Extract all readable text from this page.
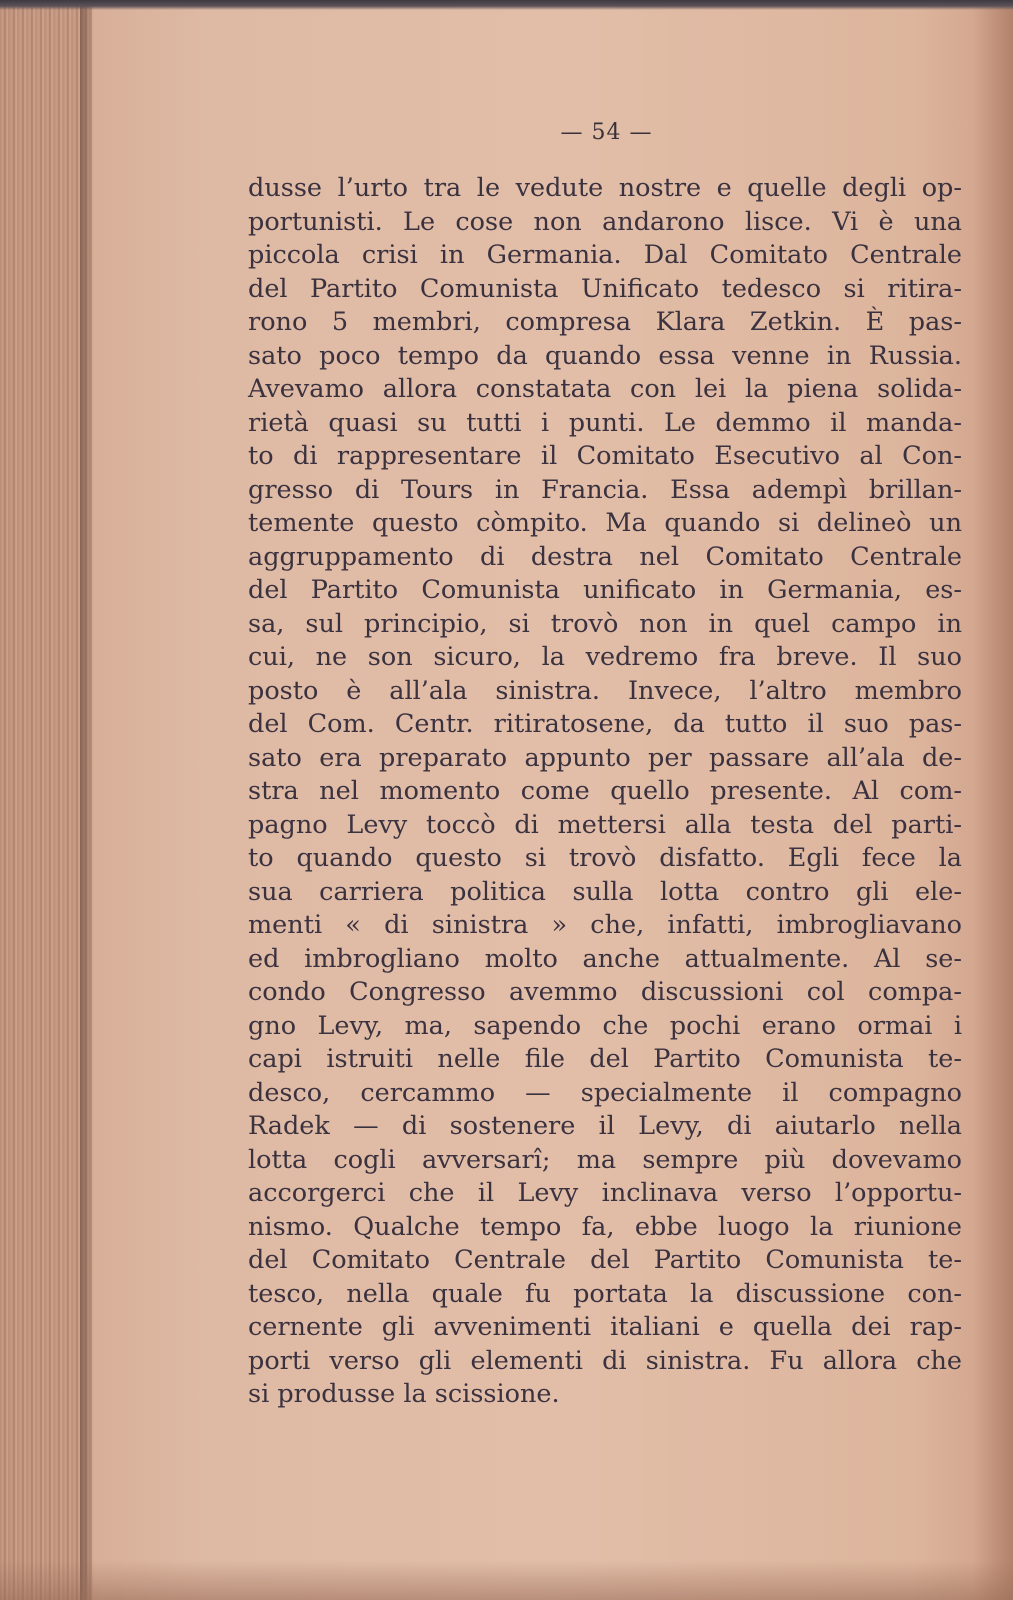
— 54 —
dusse l’urto tra le vedute nostre e quelle degli op-
portunisti. Le cose non andarono lisce. Vi è una
piccola crisi in Germania. Dal Comitato Centrale
del Partito Comunista Unificato tedesco si ritira-
rono 5 membri, compresa Klara Zetkin. È pas-
sato poco tempo da quando essa venne in Russia.
Avevamo allora constatata con lei la piena solida-
rietà quasi su tutti i punti. Le demmo il manda-
to di rappresentare il Comitato Esecutivo al Con-
gresso di Tours in Francia. Essa adempì brillan-
temente questo còmpito. Ma quando si delineò un
aggruppamento di destra nel Comitato Centrale
del Partito Comunista unificato in Germania, es-
sa, sul principio, si trovò non in quel campo in
cui, ne son sicuro, la vedremo fra breve. Il suo
posto è all’ala sinistra. Invece, l’altro membro
del Com. Centr. ritiratosene, da tutto il suo pas-
sato era preparato appunto per passare all’ala de-
stra nel momento come quello presente. Al com-
pagno Levy toccò di mettersi alla testa del parti-
to quando questo si trovò disfatto. Egli fece la
sua carriera politica sulla lotta contro gli ele-
menti « di sinistra » che, infatti, imbrogliavano
ed imbrogliano molto anche attualmente. Al se-
condo Congresso avemmo discussioni col compa-
gno Levy, ma, sapendo che pochi erano ormai i
capi istruiti nelle file del Partito Comunista te-
desco, cercammo — specialmente il compagno
Radek — di sostenere il Levy, di aiutarlo nella
lotta cogli avversarî; ma sempre più dovevamo
accorgerci che il Levy inclinava verso l’opportu-
nismo. Qualche tempo fa, ebbe luogo la riunione
del Comitato Centrale del Partito Comunista te-
tesco, nella quale fu portata la discussione con-
cernente gli avvenimenti italiani e quella dei rap-
porti verso gli elementi di sinistra. Fu allora che
si produsse la scissione.
